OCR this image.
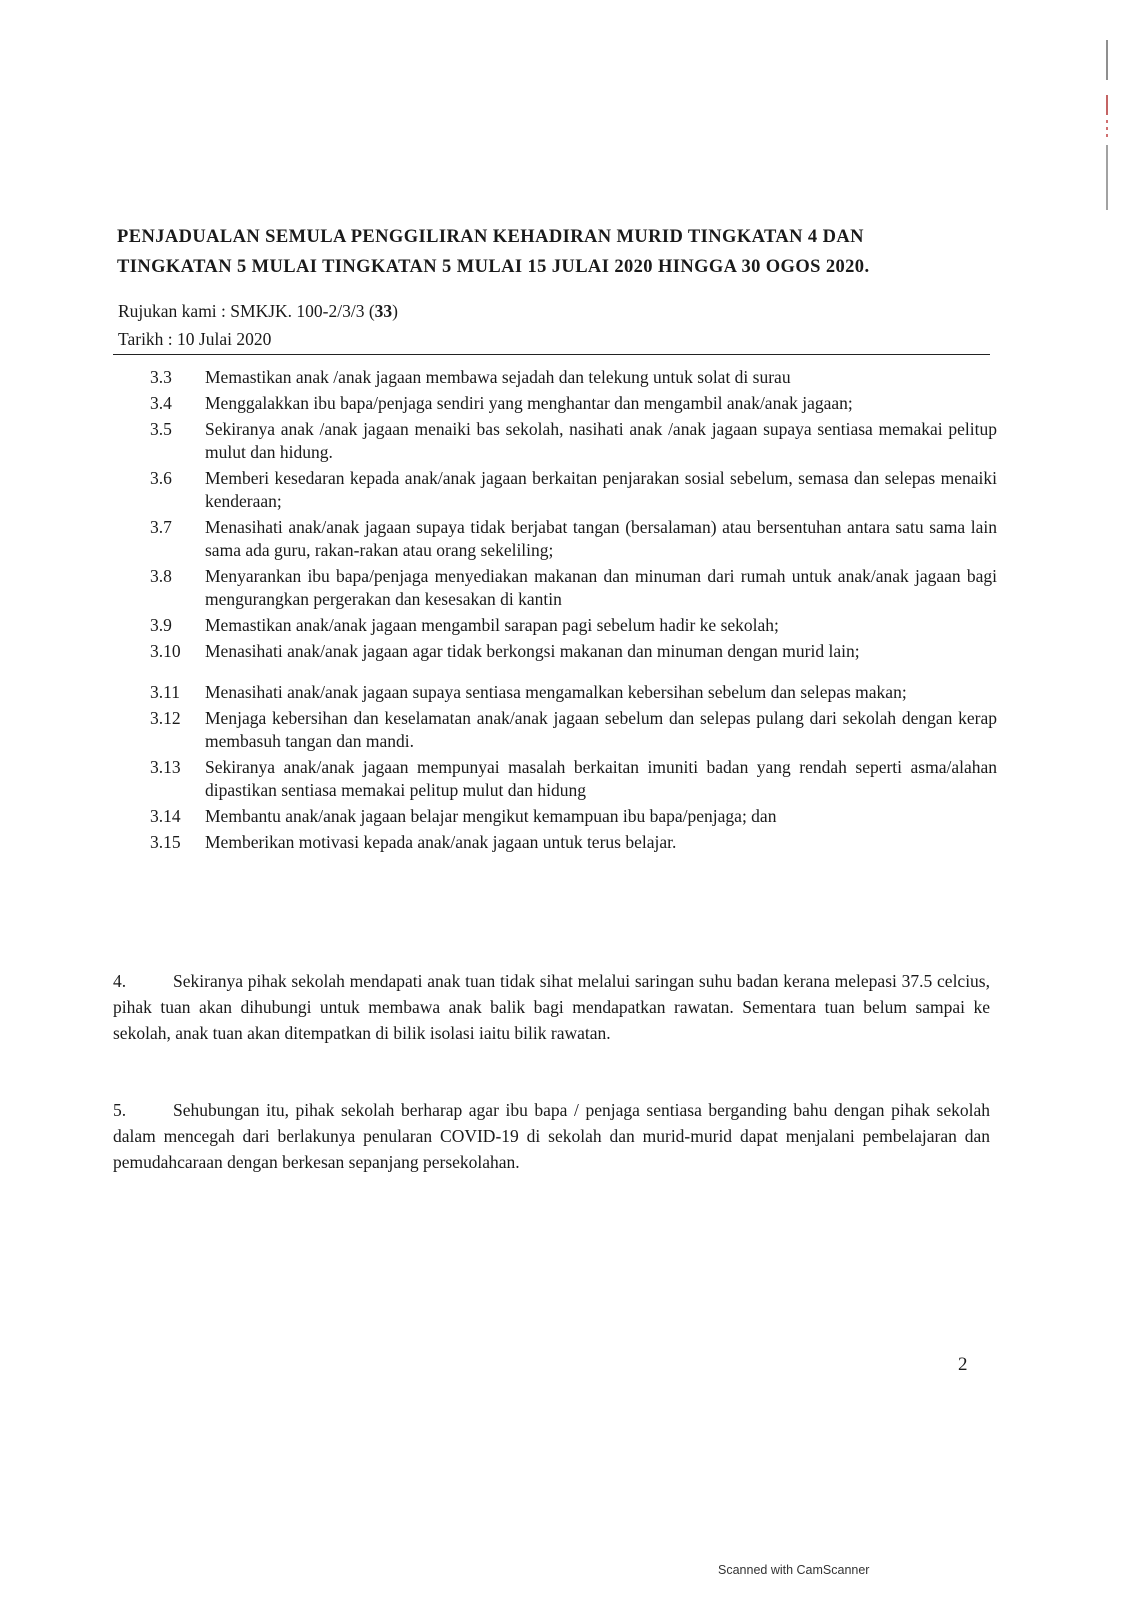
PENJADUALAN SEMULA PENGGILIRAN KEHADIRAN MURID TINGKATAN 4 DAN
TINGKATAN 5 MULAI TINGKATAN 5 MULAI 15 JULAI 2020 HINGGA 30 OGOS 2020.
Rujukan kami : SMKJK. 100-2/3/3 (33)
Tarikh : 10 Julai 2020
3.3	Memastikan anak /anak jagaan membawa sejadah dan telekung untuk solat di surau
3.4	Menggalakkan ibu bapa/penjaga sendiri yang menghantar dan mengambil anak/anak jagaan;
3.5	Sekiranya anak /anak jagaan menaiki bas sekolah, nasihati anak /anak jagaan supaya sentiasa memakai pelitup mulut dan hidung.
3.6	Memberi kesedaran kepada anak/anak jagaan berkaitan penjarakan sosial sebelum, semasa dan selepas menaiki kenderaan;
3.7	Menasihati anak/anak jagaan supaya tidak berjabat tangan (bersalaman) atau bersentuhan antara satu sama lain sama ada guru, rakan-rakan atau orang sekeliling;
3.8	Menyarankan ibu bapa/penjaga menyediakan makanan dan minuman dari rumah untuk anak/anak jagaan bagi mengurangkan pergerakan dan kesesakan di kantin
3.9	Memastikan anak/anak jagaan mengambil sarapan pagi sebelum hadir ke sekolah;
3.10	Menasihati anak/anak jagaan agar tidak berkongsi makanan dan minuman dengan murid lain;
3.11	Menasihati anak/anak jagaan supaya sentiasa mengamalkan kebersihan sebelum dan selepas makan;
3.12	Menjaga kebersihan dan keselamatan anak/anak jagaan sebelum dan selepas pulang dari sekolah dengan kerap membasuh tangan dan mandi.
3.13	Sekiranya anak/anak jagaan mempunyai masalah berkaitan imuniti badan yang rendah seperti asma/alahan dipastikan sentiasa memakai pelitup mulut dan hidung
3.14	Membantu anak/anak jagaan belajar mengikut kemampuan ibu bapa/penjaga; dan
3.15	Memberikan motivasi kepada anak/anak jagaan untuk terus belajar.
4.	Sekiranya pihak sekolah mendapati anak tuan tidak sihat melalui saringan suhu badan kerana melepasi 37.5 celcius, pihak tuan akan dihubungi untuk membawa anak balik bagi mendapatkan rawatan. Sementara tuan belum sampai ke sekolah, anak tuan akan ditempatkan di bilik isolasi iaitu bilik rawatan.
5.	Sehubungan itu, pihak sekolah berharap agar ibu bapa / penjaga sentiasa berganding bahu dengan pihak sekolah dalam mencegah dari berlakunya penularan COVID-19 di sekolah dan murid-murid dapat menjalani pembelajaran dan pemudahcaraan dengan berkesan sepanjang persekolahan.
2
Scanned with CamScanner
